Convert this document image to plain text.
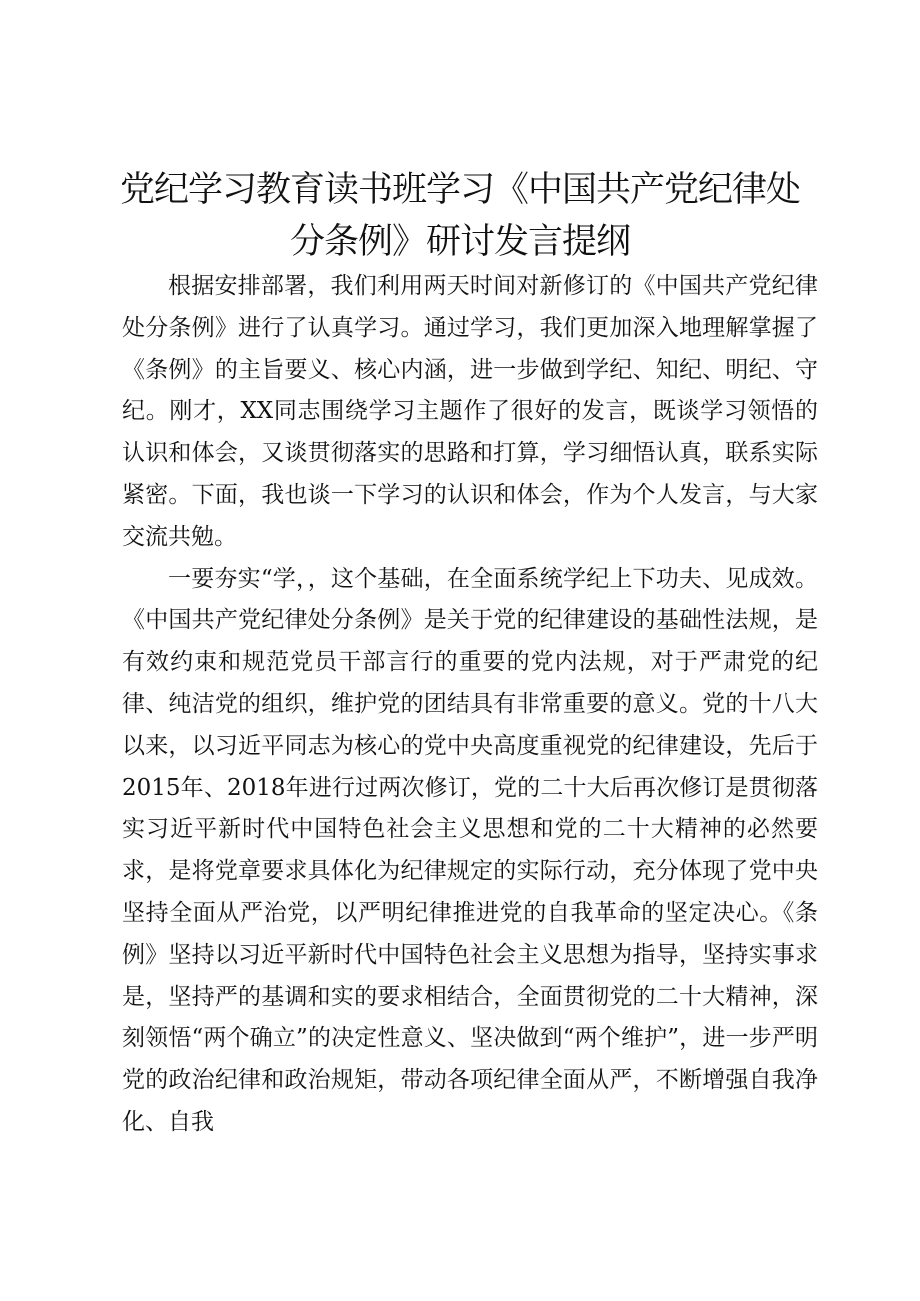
党纪学习教育读书班学习《中国共产党纪律处
分条例》研讨发言提纲

根据安排部署，我们利用两天时间对新修订的《中国共产党纪律处分条例》进行了认真学习。通过学习，我们更加深入地理解掌握了《条例》的主旨要义、核心内涵，进一步做到学纪、知纪、明纪、守纪。刚才，XX同志围绕学习主题作了很好的发言，既谈学习领悟的认识和体会，又谈贯彻落实的思路和打算，学习细悟认真，联系实际紧密。下面，我也谈一下学习的认识和体会，作为个人发言，与大家交流共勉。

一要夯实“学，，这个基础，在全面系统学纪上下功夫、见成效。《中国共产党纪律处分条例》是关于党的纪律建设的基础性法规，是有效约束和规范党员干部言行的重要的党内法规，对于严肃党的纪律、纯洁党的组织，维护党的团结具有非常重要的意义。党的十八大以来，以习近平同志为核心的党中央高度重视党的纪律建设，先后于2015年、2018年进行过两次修订，党的二十大后再次修订是贯彻落实习近平新时代中国特色社会主义思想和党的二十大精神的必然要求，是将党章要求具体化为纪律规定的实际行动，充分体现了党中央坚持全面从严治党，以严明纪律推进党的自我革命的坚定决心。《条例》坚持以习近平新时代中国特色社会主义思想为指导，坚持实事求是，坚持严的基调和实的要求相结合，全面贯彻党的二十大精神，深刻领悟“两个确立”的决定性意义、坚决做到“两个维护”，进一步严明党的政治纪律和政治规矩，带动各项纪律全面从严，不断增强自我净化、自我
